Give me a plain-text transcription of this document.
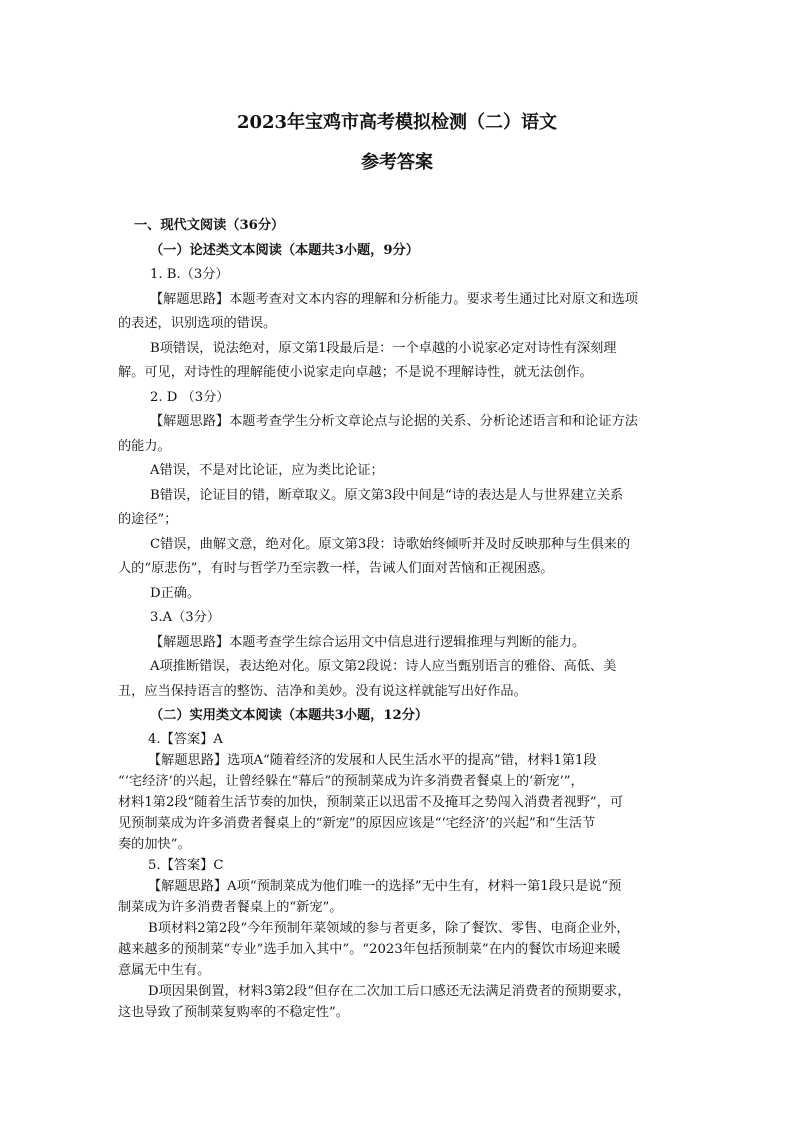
2023年宝鸡市高考模拟检测（二）语文
参考答案
一、现代文阅读（36分）
（一）论述类文本阅读（本题共3小题，9分）
1. B.（3分）
【解题思路】本题考查对文本内容的理解和分析能力。要求考生通过比对原文和选项
的表述，识别选项的错误。
B项错误，说法绝对，原文第1段最后是：一个卓越的小说家必定对诗性有深刻理
解。可见，对诗性的理解能使小说家走向卓越；不是说不理解诗性，就无法创作。
2. D （3分）
【解题思路】本题考查学生分析文章论点与论据的关系、分析论述语言和和论证方法
的能力。
A错误，不是对比论证，应为类比论证；
B错误，论证目的错，断章取义。原文第3段中间是“诗的表达是人与世界建立关系
的途径”；
C错误，曲解文意，绝对化。原文第3段：诗歌始终倾听并及时反映那种与生俱来的
人的“原悲伤”，有时与哲学乃至宗教一样，告诫人们面对苦恼和正视困惑。
D正确。
3.A（3分）
【解题思路】本题考查学生综合运用文中信息进行逻辑推理与判断的能力。
A项推断错误，表达绝对化。原文第2段说：诗人应当甄别语言的雅俗、高低、美
丑，应当保持语言的整饬、洁净和美妙。没有说这样就能写出好作品。
（二）实用类文本阅读（本题共3小题，12分）
4.【答案】A
【解题思路】选项A“随着经济的发展和人民生活水平的提高”错，材料1第1段
“‘宅经济’的兴起，让曾经躲在“幕后”的预制菜成为许多消费者餐桌上的‘新宠’”，
材料1第2段“随着生活节奏的加快，预制菜正以迅雷不及掩耳之势闯入消费者视野”，可
见预制菜成为许多消费者餐桌上的“新宠”的原因应该是“‘宅经济’的兴起”和“生活节
奏的加快”。
5.【答案】C
【解题思路】A项“预制菜成为他们唯一的选择”无中生有，材料一第1段只是说“预
制菜成为许多消费者餐桌上的“新宠”。
B项材料2第2段“今年预制年菜领域的参与者更多，除了餐饮、零售、电商企业外，
越来越多的预制菜“专业”选手加入其中”。“2023年包括预制菜”在内的餐饮市场迎来暖
意属无中生有。
D项因果倒置，材料3第2段“但存在二次加工后口感还无法满足消费者的预期要求，
这也导致了预制菜复购率的不稳定性”。
